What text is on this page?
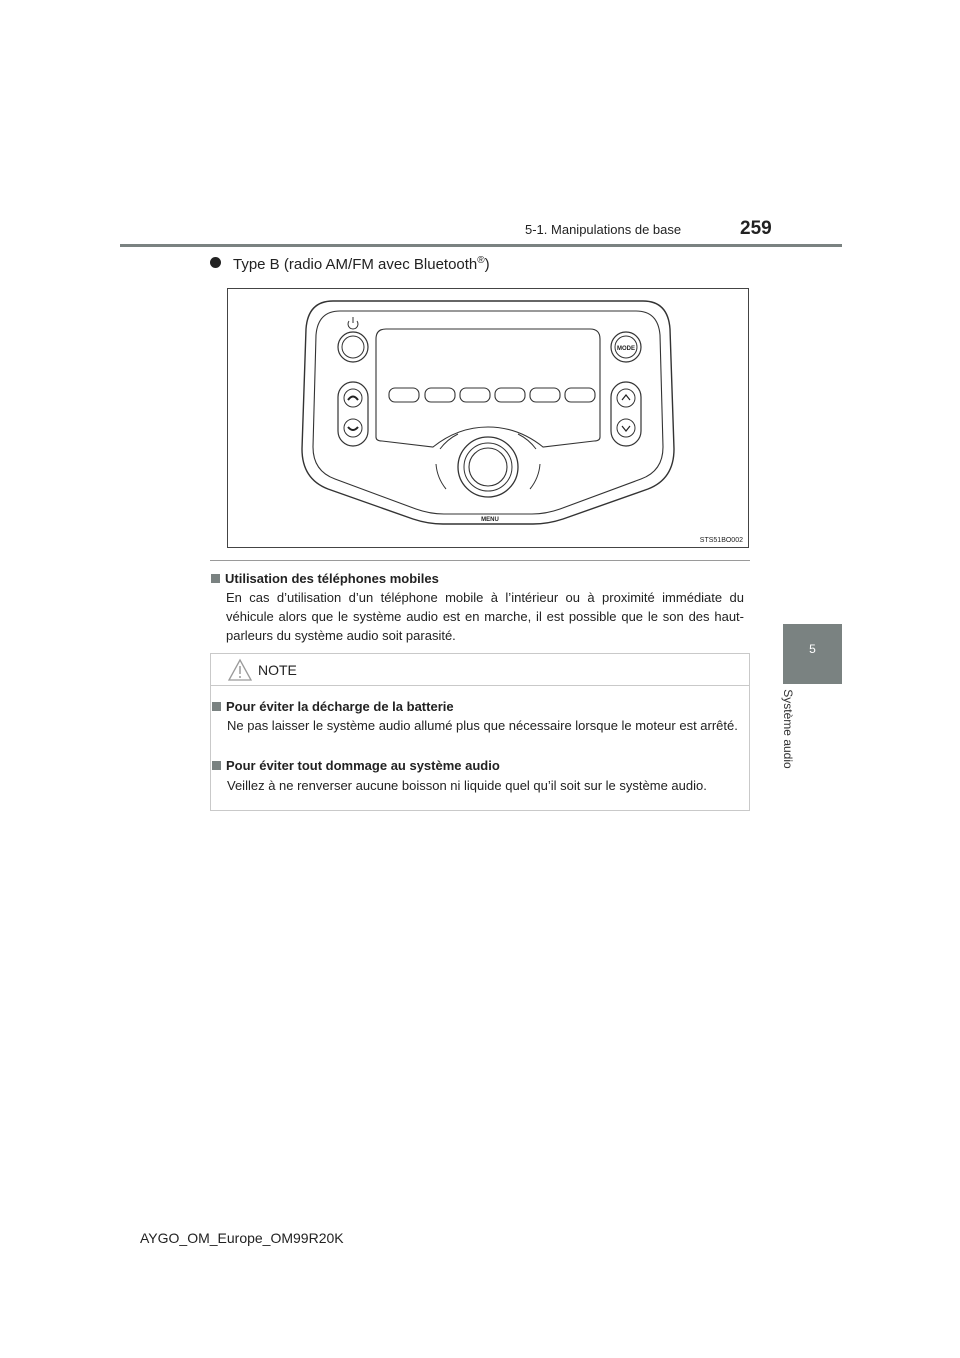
5-1. Manipulations de base	259
5
Système audio
Type B (radio AM/FM avec Bluetooth®)
MODE
MENU
STS51BO002
Utilisation des téléphones mobiles
En cas d’utilisation d’un téléphone mobile à l’intérieur ou à proximité immédiate du véhicule alors que le système audio est en marche, il est possible que le son des haut-parleurs du système audio soit parasité.
NOTE
Pour éviter la décharge de la batterie
Ne pas laisser le système audio allumé plus que nécessaire lorsque le moteur est arrêté.
Pour éviter tout dommage au système audio
Veillez à ne renverser aucune boisson ni liquide quel qu’il soit sur le système audio.
AYGO_OM_Europe_OM99R20K
